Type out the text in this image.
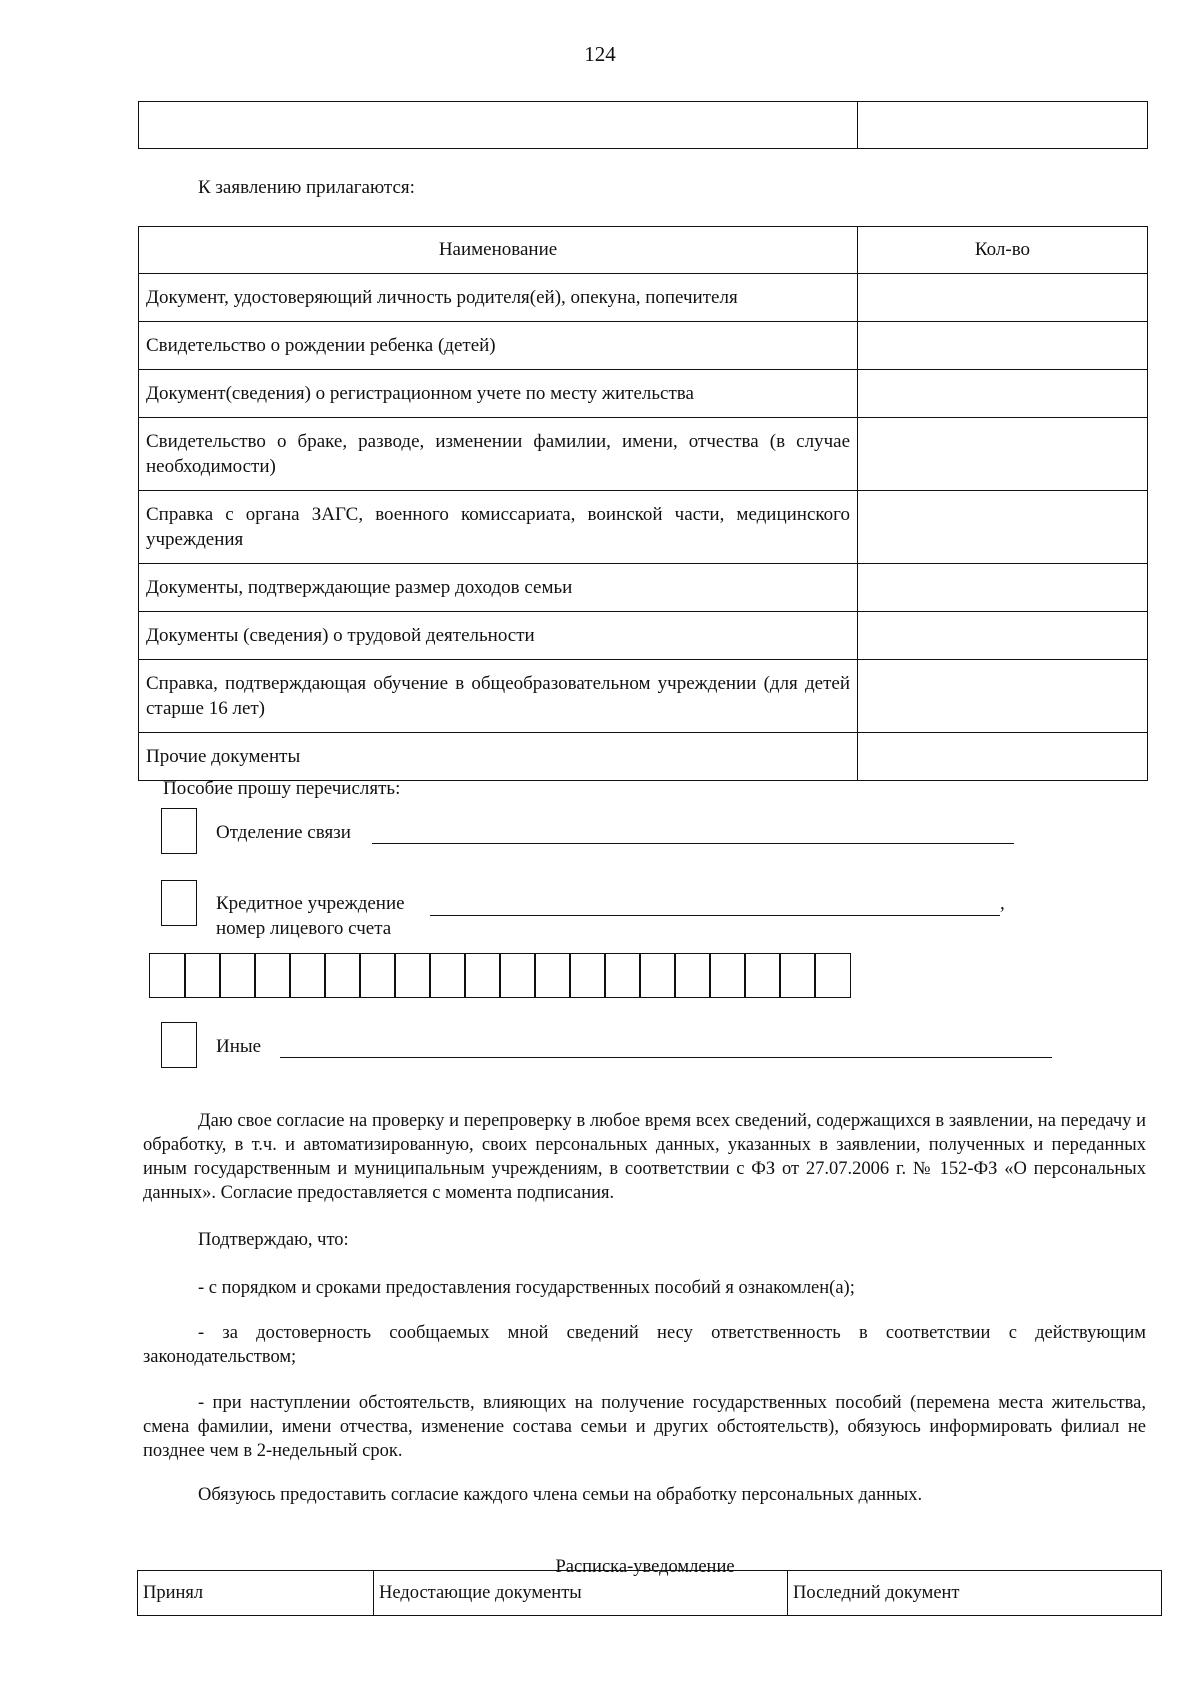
124

К заявлению прилагаются:
Наименование	Кол-во
Документ, удостоверяющий личность родителя(ей), опекуна, попечителя	
Свидетельство о рождении ребенка (детей)	
Документ(сведения) о регистрационном учете по месту жительства	
Свидетельство о браке, разводе, изменении фамилии, имени, отчества (в случае необходимости)	
Справка с органа ЗАГС, военного комиссариата, воинской части, медицинского учреждения	
Документы, подтверждающие размер доходов семьи	
Документы (сведения) о трудовой деятельности	
Справка, подтверждающая обучение в общеобразовательном учреждении (для детей старше 16 лет)	
Прочие документы	
Пособие прошу перечислять:
Отделение связи
Кредитное учреждение	,
номер лицевого счета
Иные
Даю свое согласие на проверку и перепроверку в любое время всех сведений, содержащихся в заявлении, на передачу и обработку, в т.ч. и автоматизированную, своих персональных данных, указанных в заявлении, полученных и переданных иным государственным и муниципальным учреждениям, в соответствии с ФЗ от 27.07.2006 г. № 152-ФЗ «О персональных данных». Согласие предоставляется с момента подписания.
Подтверждаю, что:
- с порядком и сроками предоставления государственных пособий я ознакомлен(а);
- за достоверность сообщаемых мной сведений несу ответственность в соответствии с действующим законодательством;
- при наступлении обстоятельств, влияющих на получение государственных пособий (перемена места жительства, смена фамилии, имени отчества, изменение состава семьи и других обстоятельств), обязуюсь информировать филиал не позднее чем в 2-недельный срок.
Обязуюсь предоставить согласие каждого члена семьи на обработку персональных данных.
Расписка-уведомление
Принял	Недостающие документы	Последний документ
